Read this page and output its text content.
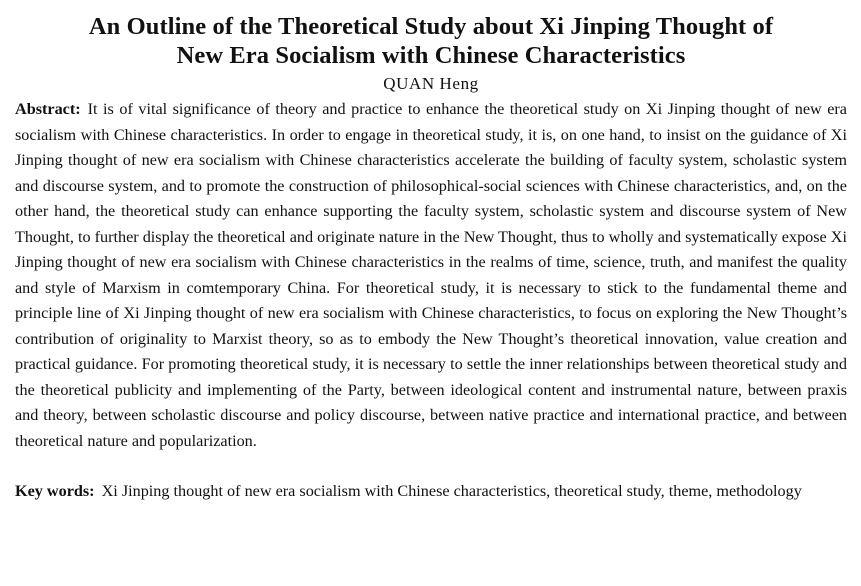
An Outline of the Theoretical Study about Xi Jinping Thought of
New Era Socialism with Chinese Characteristics
QUAN Heng

Abstract: It is of vital significance of theory and practice to enhance the theoretical study on Xi Jinping thought of new era socialism with Chinese characteristics. In order to engage in theoretical study, it is, on one hand, to insist on the guidance of Xi Jinping thought of new era socialism with Chinese characteristics accelerate the building of faculty system, scholastic system and discourse system, and to promote the construction of philosophical-social sciences with Chinese characteristics, and, on the other hand, the theoretical study can enhance supporting the faculty system, scholastic system and discourse system of New Thought, to further display the theoretical and originate nature in the New Thought, thus to wholly and systematically expose Xi Jinping thought of new era socialism with Chinese characteristics in the realms of time, science, truth, and manifest the quality and style of Marxism in comtemporary China. For theoretical study, it is necessary to stick to the fundamental theme and principle line of Xi Jinping thought of new era socialism with Chinese characteristics, to focus on exploring the New Thought’s contribution of originality to Marxist theory, so as to embody the New Thought’s theoretical innovation, value creation and practical guidance. For promoting theoretical study, it is necessary to settle the inner relationships between theoretical study and the theoretical publicity and implementing of the Party, between ideological content and instrumental nature, between praxis and theory, between scholastic discourse and policy discourse, between native practice and international practice, and between theoretical nature and popularization.

Key words: Xi Jinping thought of new era socialism with Chinese characteristics, theoretical study, theme, methodology
